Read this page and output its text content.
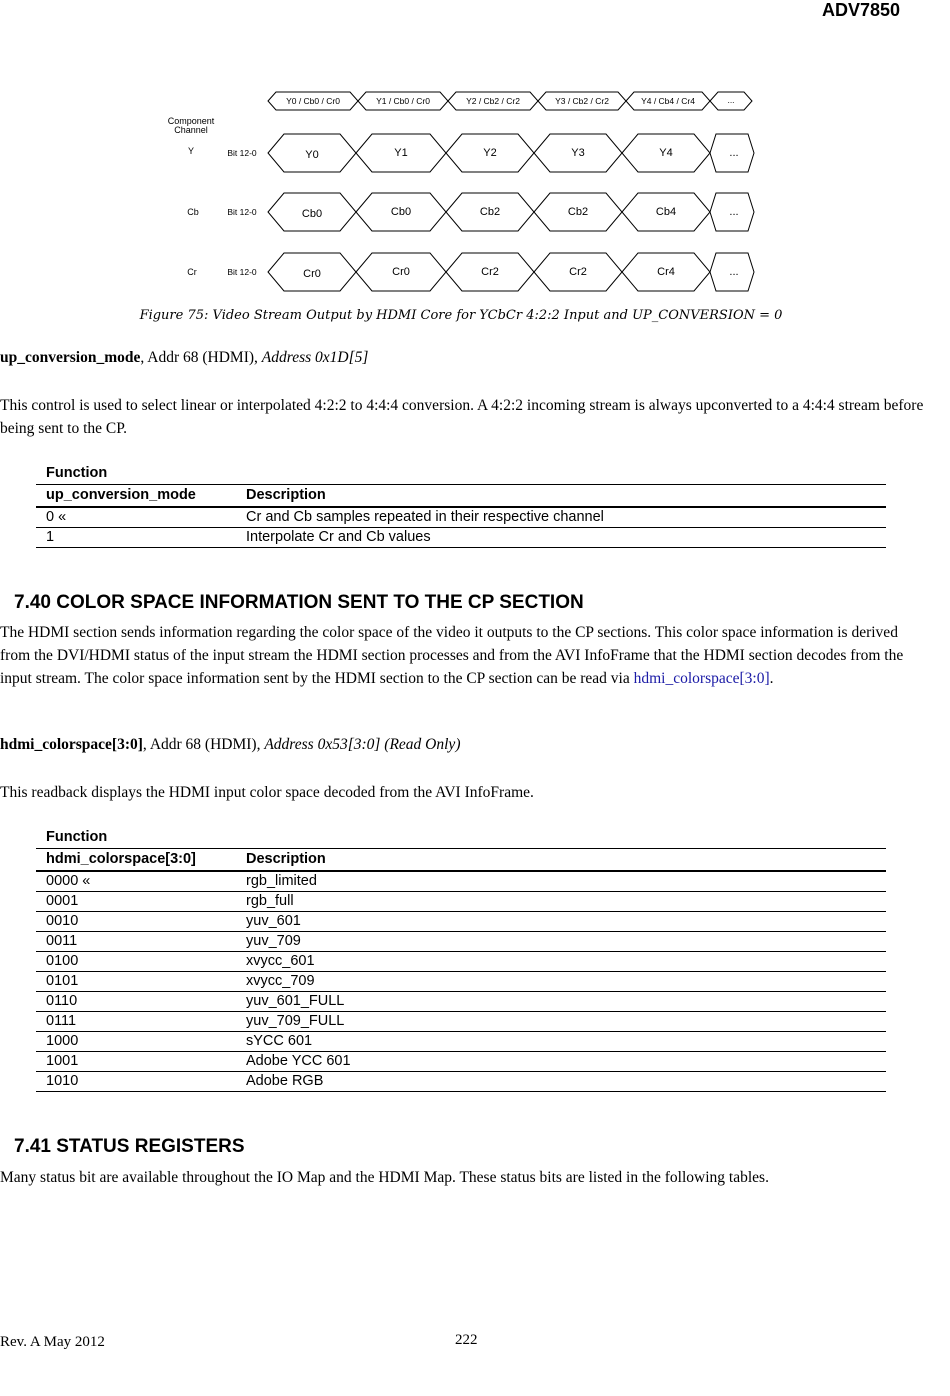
ADV7850
Y0 / Cb0 / Cr0	Y1 / Cb0 / Cr0	Y2 / Cb2 / Cr2	Y3 / Cb2 / Cr2	Y4 / Cb4 / Cr4	...
Component
Channel
Y
Cb
Cr
Bit 12-0
Bit 12-0
Bit 12-0
Y0	Y1	Y2	Y3	Y4	...
Cb0	Cb0	Cb2	Cb2	Cb4	...
Cr0	Cr0	Cr2	Cr2	Cr4	...
Figure 75: Video Stream Output by HDMI Core for YCbCr 4:2:2 Input and UP_CONVERSION = 0
up_conversion_mode, Addr 68 (HDMI), Address 0x1D[5]
This control is used to select linear or interpolated 4:2:2 to 4:4:4 conversion. A 4:2:2 incoming stream is always upconverted to a 4:4:4 stream before being sent to the CP.
Function	
up_conversion_mode	Description
0 «	Cr and Cb samples repeated in their respective channel
1	Interpolate Cr and Cb values
7.40 COLOR SPACE INFORMATION SENT TO THE CP SECTION
The HDMI section sends information regarding the color space of the video it outputs to the CP sections. This color space information is derived from the DVI/HDMI status of the input stream the HDMI section processes and from the AVI InfoFrame that the HDMI section decodes from the input stream. The color space information sent by the HDMI section to the CP section can be read via hdmi_colorspace[3:0].
hdmi_colorspace[3:0], Addr 68 (HDMI), Address 0x53[3:0] (Read Only)
This readback displays the HDMI input color space decoded from the AVI InfoFrame.
Function	
hdmi_colorspace[3:0]	Description
0000 «	rgb_limited
0001	rgb_full
0010	yuv_601
0011	yuv_709
0100	xvycc_601
0101	xvycc_709
0110	yuv_601_FULL
0111	yuv_709_FULL
1000	sYCC 601
1001	Adobe YCC 601
1010	Adobe RGB
7.41 STATUS REGISTERS
Many status bit are available throughout the IO Map and the HDMI Map. These status bits are listed in the following tables.
Rev. A May 2012	222
